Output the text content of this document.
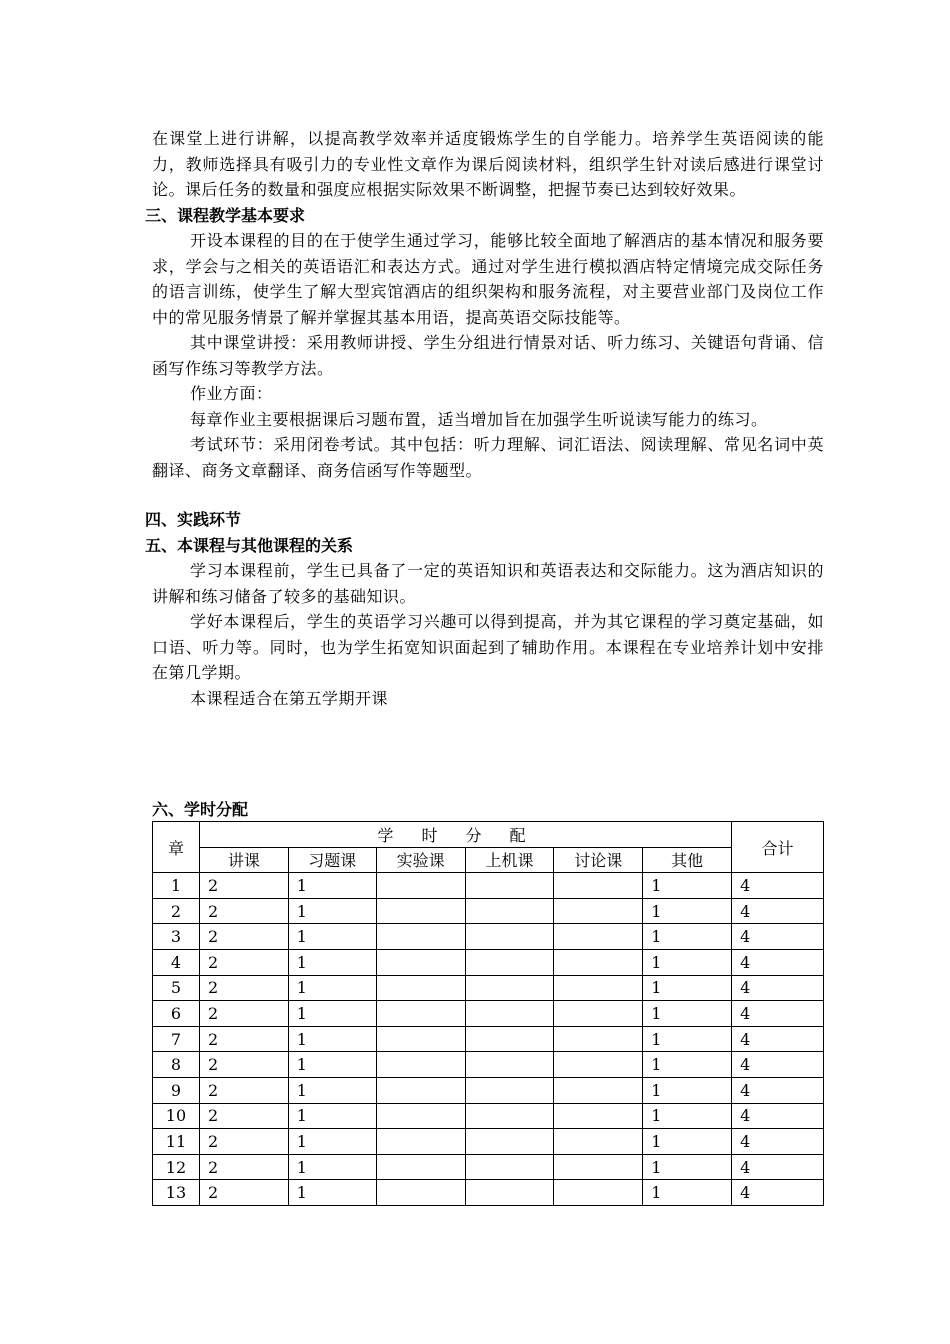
在课堂上进行讲解，以提高教学效率并适度锻炼学生的自学能力。培养学生英语阅读的能力，教师选择具有吸引力的专业性文章作为课后阅读材料，组织学生针对读后感进行课堂讨论。课后任务的数量和强度应根据实际效果不断调整，把握节奏已达到较好效果。

三、课程教学基本要求

开设本课程的目的在于使学生通过学习，能够比较全面地了解酒店的基本情况和服务要求，学会与之相关的英语语汇和表达方式。通过对学生进行模拟酒店特定情境完成交际任务的语言训练，使学生了解大型宾馆酒店的组织架构和服务流程，对主要营业部门及岗位工作中的常见服务情景了解并掌握其基本用语，提高英语交际技能等。

其中课堂讲授：采用教师讲授、学生分组进行情景对话、听力练习、关键语句背诵、信函写作练习等教学方法。

作业方面：

每章作业主要根据课后习题布置，适当增加旨在加强学生听说读写能力的练习。

考试环节：采用闭卷考试。其中包括：听力理解、词汇语法、阅读理解、常见名词中英翻译、商务文章翻译、商务信函写作等题型。

四、实践环节
五、本课程与其他课程的关系

学习本课程前，学生已具备了一定的英语知识和英语表达和交际能力。这为酒店知识的讲解和练习储备了较多的基础知识。

学好本课程后，学生的英语学习兴趣可以得到提高，并为其它课程的学习奠定基础，如口语、听力等。同时，也为学生拓宽知识面起到了辅助作用。本课程在专业培养计划中安排在第几学期。

本课程适合在第五学期开课

六、学时分配
章	学时分配						合计
	讲课	习题课	实验课	上机课	讨论课	其他	
1	2	1				1	4
2	2	1				1	4
3	2	1				1	4
4	2	1				1	4
5	2	1				1	4
6	2	1				1	4
7	2	1				1	4
8	2	1				1	4
9	2	1				1	4
10	2	1				1	4
11	2	1				1	4
12	2	1				1	4
13	2	1				1	4
